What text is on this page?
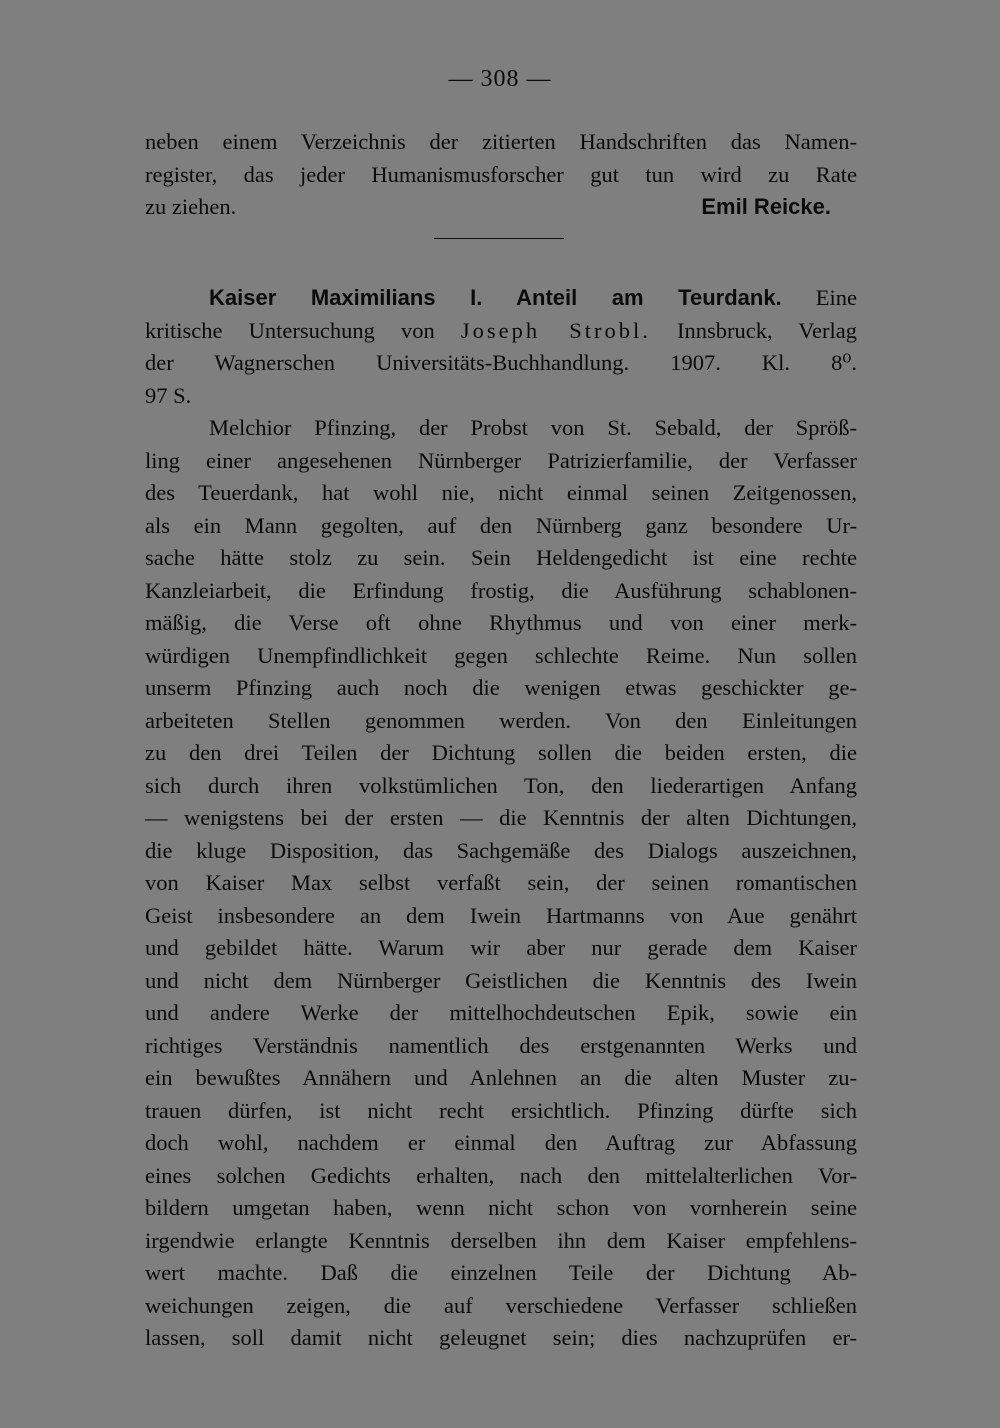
— 308 —
neben einem Verzeichnis der zitierten Handschriften das Namen-
register, das jeder Humanismusforscher gut tun wird zu Rate
zu ziehen.	Emil Reicke.
Kaiser Maximilians I. Anteil am Teurdank. Eine
kritische Untersuchung von Joseph Strobl. Innsbruck, Verlag
der Wagnerschen Universitäts-Buchhandlung. 1907. Kl. 8⁰.
97 S.
Melchior Pfinzing, der Probst von St. Sebald, der Spröß-
ling einer angesehenen Nürnberger Patrizierfamilie, der Verfasser
des Teuerdank, hat wohl nie, nicht einmal seinen Zeitgenossen,
als ein Mann gegolten, auf den Nürnberg ganz besondere Ur-
sache hätte stolz zu sein. Sein Heldengedicht ist eine rechte
Kanzleiarbeit, die Erfindung frostig, die Ausführung schablonen-
mäßig, die Verse oft ohne Rhythmus und von einer merk-
würdigen Unempfindlichkeit gegen schlechte Reime. Nun sollen
unserm Pfinzing auch noch die wenigen etwas geschickter ge-
arbeiteten Stellen genommen werden. Von den Einleitungen
zu den drei Teilen der Dichtung sollen die beiden ersten, die
sich durch ihren volkstümlichen Ton, den liederartigen Anfang
— wenigstens bei der ersten — die Kenntnis der alten Dichtungen,
die kluge Disposition, das Sachgemäße des Dialogs auszeichnen,
von Kaiser Max selbst verfaßt sein, der seinen romantischen
Geist insbesondere an dem Iwein Hartmanns von Aue genährt
und gebildet hätte. Warum wir aber nur gerade dem Kaiser
und nicht dem Nürnberger Geistlichen die Kenntnis des Iwein
und andere Werke der mittelhochdeutschen Epik, sowie ein
richtiges Verständnis namentlich des erstgenannten Werks und
ein bewußtes Annähern und Anlehnen an die alten Muster zu-
trauen dürfen, ist nicht recht ersichtlich. Pfinzing dürfte sich
doch wohl, nachdem er einmal den Auftrag zur Abfassung
eines solchen Gedichts erhalten, nach den mittelalterlichen Vor-
bildern umgetan haben, wenn nicht schon von vornherein seine
irgendwie erlangte Kenntnis derselben ihn dem Kaiser empfehlens-
wert machte. Daß die einzelnen Teile der Dichtung Ab-
weichungen zeigen, die auf verschiedene Verfasser schließen
lassen, soll damit nicht geleugnet sein; dies nachzuprüfen er-
